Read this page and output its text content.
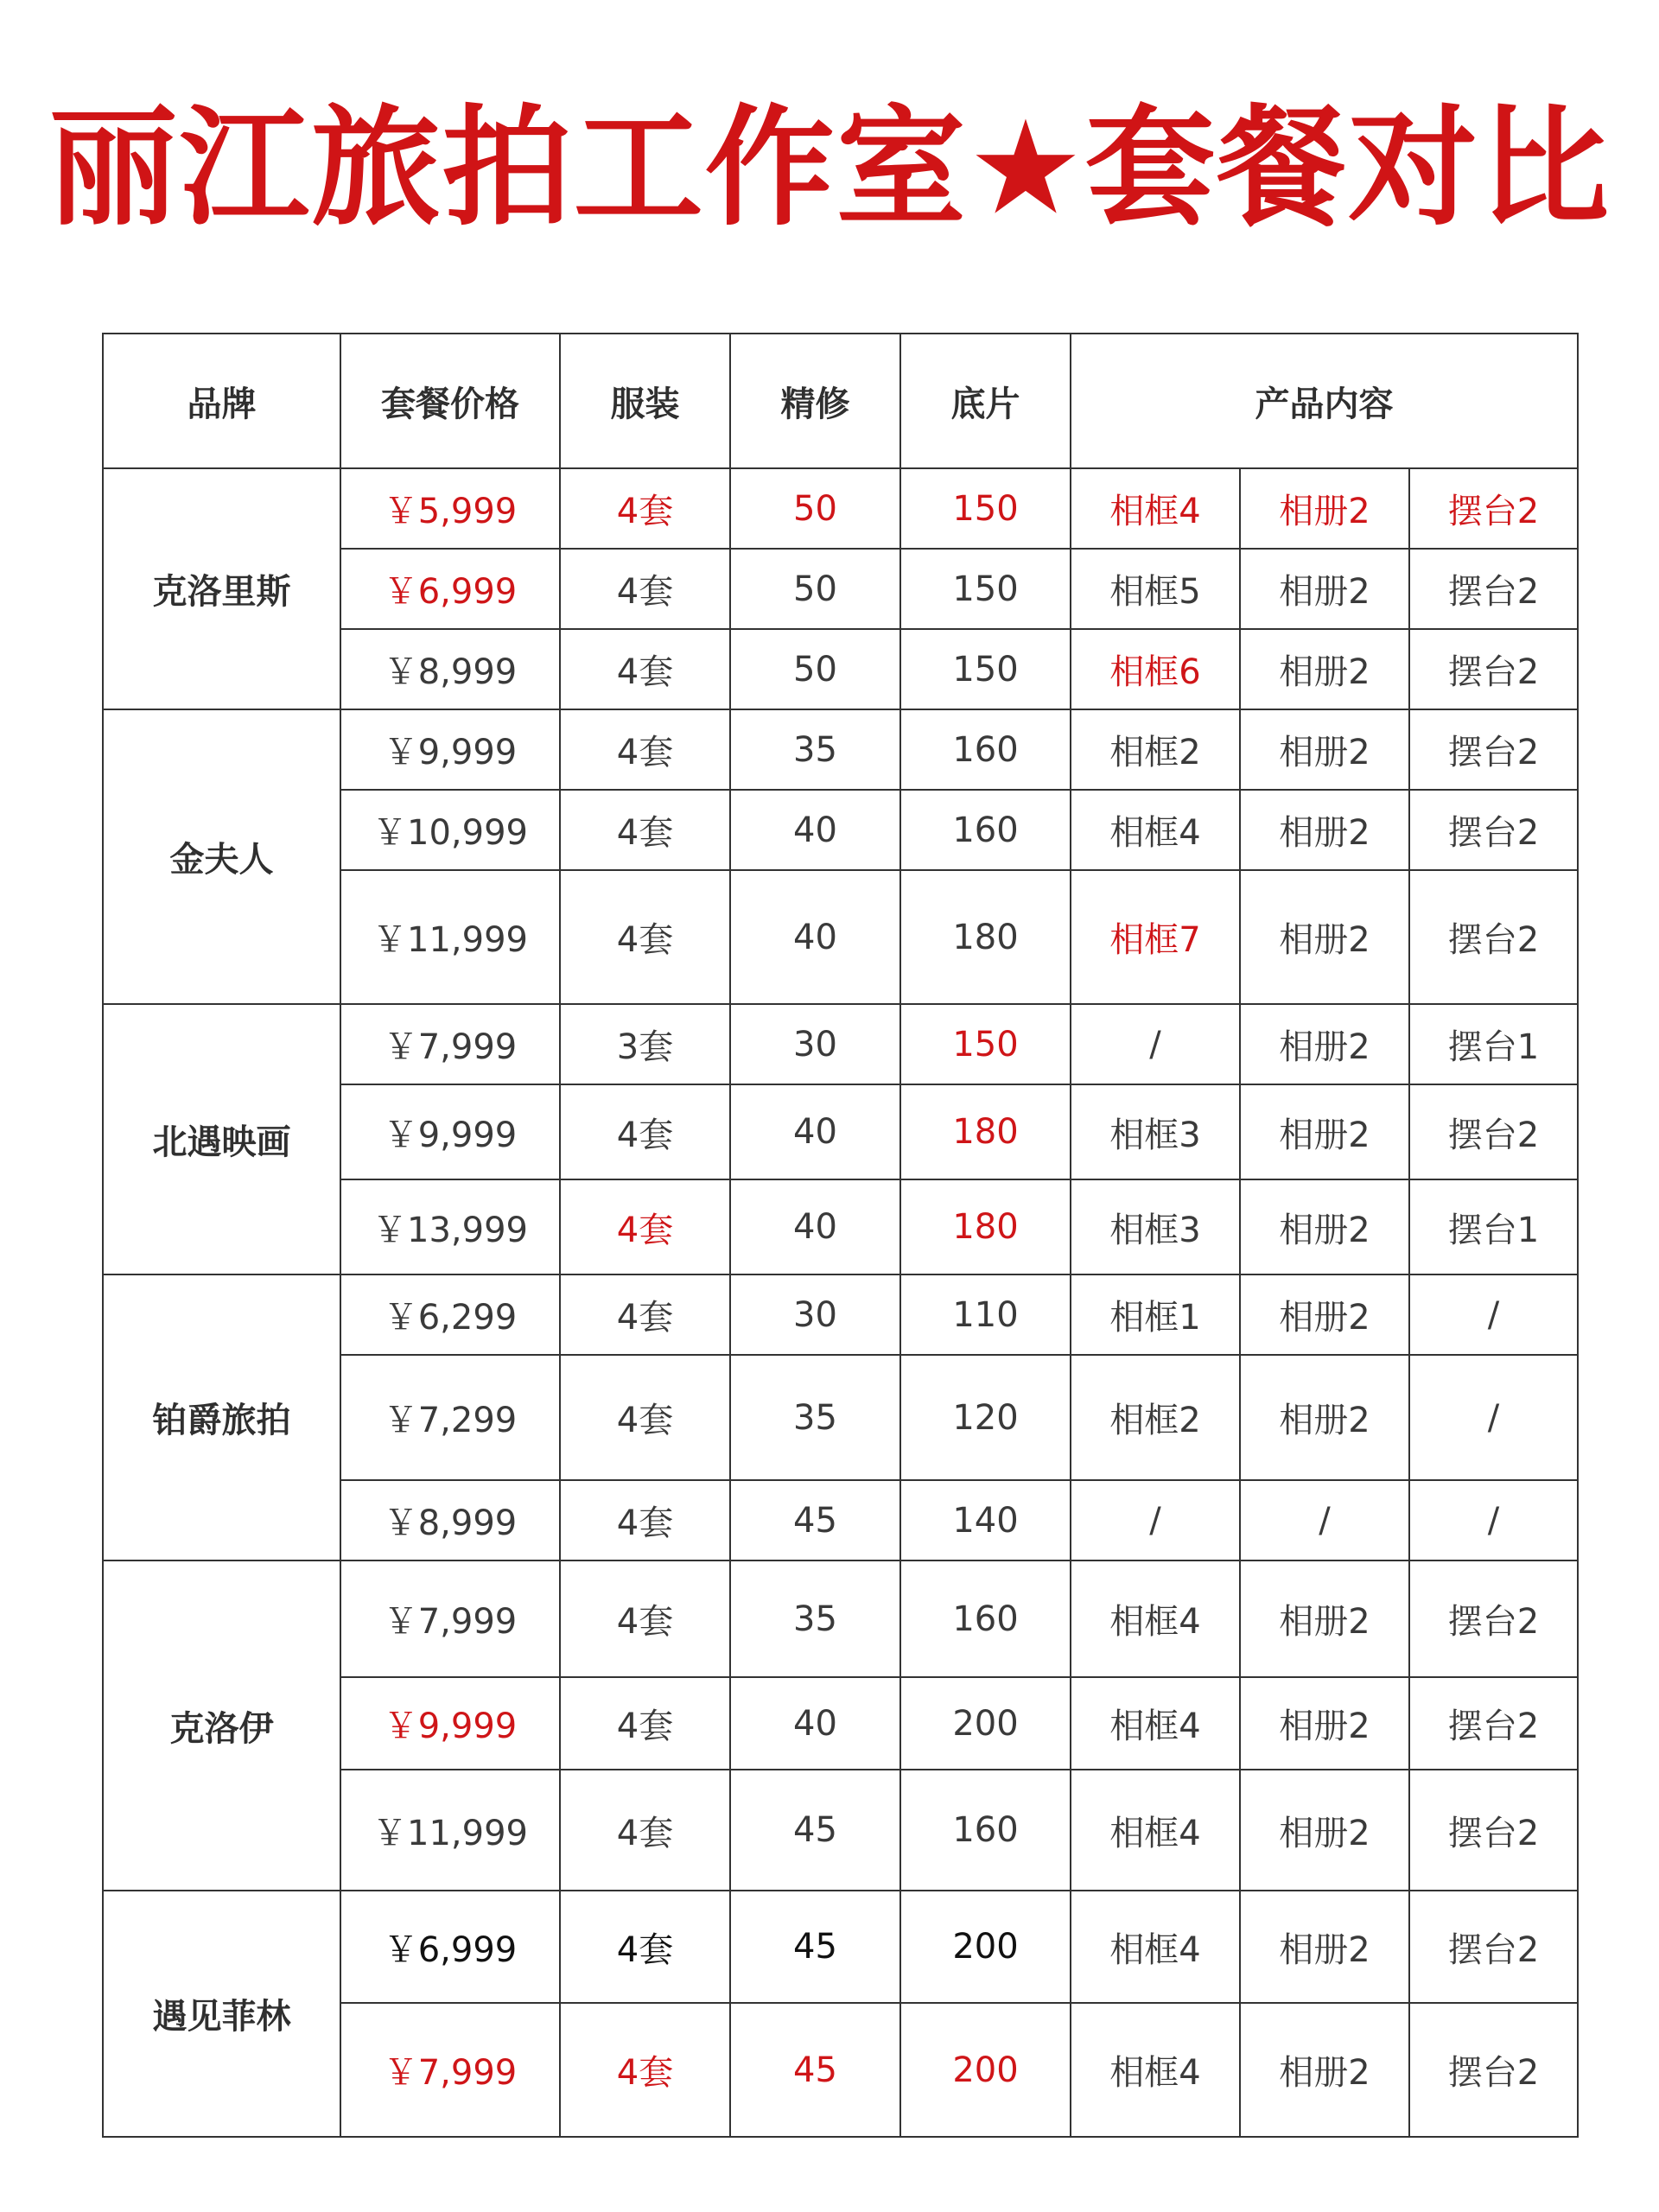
丽江旅拍工作室★套餐对比
品牌	套餐价格	服装	精修	底片	产品内容		
克洛里斯	￥5,999	4套	50	150	相框4	相册2	摆台2
	￥6,999	4套	50	150	相框5	相册2	摆台2
	￥8,999	4套	50	150	相框6	相册2	摆台2
金夫人	￥9,999	4套	35	160	相框2	相册2	摆台2
	￥10,999	4套	40	160	相框4	相册2	摆台2
	￥11,999	4套	40	180	相框7	相册2	摆台2
北遇映画	￥7,999	3套	30	150	/	相册2	摆台1
	￥9,999	4套	40	180	相框3	相册2	摆台2
	￥13,999	4套	40	180	相框3	相册2	摆台1
铂爵旅拍	￥6,299	4套	30	110	相框1	相册2	/
	￥7,299	4套	35	120	相框2	相册2	/
	￥8,999	4套	45	140	/	/	/
克洛伊	￥7,999	4套	35	160	相框4	相册2	摆台2
	￥9,999	4套	40	200	相框4	相册2	摆台2
	￥11,999	4套	45	160	相框4	相册2	摆台2
遇见菲林	￥6,999	4套	45	200	相框4	相册2	摆台2
	￥7,999	4套	45	200	相框4	相册2	摆台2
